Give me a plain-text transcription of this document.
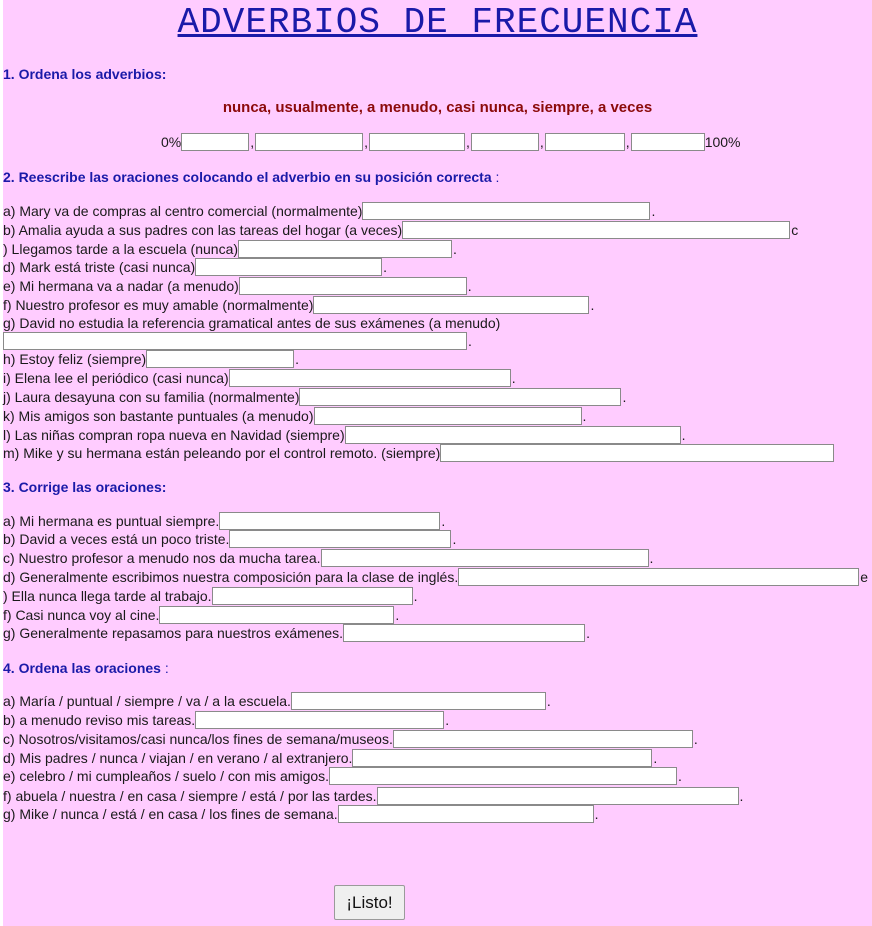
ADVERBIOS DE FRECUENCIA
1. Ordena los adverbios:
nunca, usualmente, a menudo, casi nunca, siempre, a veces
0%	,	,	,	,	,	100%
2. Reescribe las oraciones colocando el adverbio en su posición correcta :
a) Mary va de compras al centro comercial (normalmente)	.
b) Amalia ayuda a sus padres con las tareas del hogar (a veces)	c
) Llegamos tarde a la escuela (nunca)	.
d) Mark está triste (casi nunca)	.
e) Mi hermana va a nadar (a menudo)	.
f) Nuestro profesor es muy amable (normalmente)	.
g) David no estudia la referencia gramatical antes de sus exámenes (a menudo)
.
h) Estoy feliz (siempre)	.
i) Elena lee el periódico (casi nunca)	.
j) Laura desayuna con su familia (normalmente)	.
k) Mis amigos son bastante puntuales (a menudo)	.
l) Las niñas compran ropa nueva en Navidad (siempre)	.
m) Mike y su hermana están peleando por el control remoto. (siempre)
3. Corrige las oraciones:
a) Mi hermana es puntual siempre.	.
b) David a veces está un poco triste.	.
c) Nuestro profesor a menudo nos da mucha tarea.	.
d) Generalmente escribimos nuestra composición para la clase de inglés.	e
) Ella nunca llega tarde al trabajo.	.
f) Casi nunca voy al cine.	.
g) Generalmente repasamos para nuestros exámenes.	.
4. Ordena las oraciones :
a) María / puntual / siempre / va / a la escuela.	.
b) a menudo reviso mis tareas.	.
c) Nosotros/visitamos/casi nunca/los fines de semana/museos.	.
d) Mis padres / nunca / viajan / en verano / al extranjero.	.
e) celebro / mi cumpleaños / suelo / con mis amigos.	.
f) abuela / nuestra / en casa / siempre / está / por las tardes.	.
g) Mike / nunca / está / en casa / los fines de semana.	.
¡Listo!
